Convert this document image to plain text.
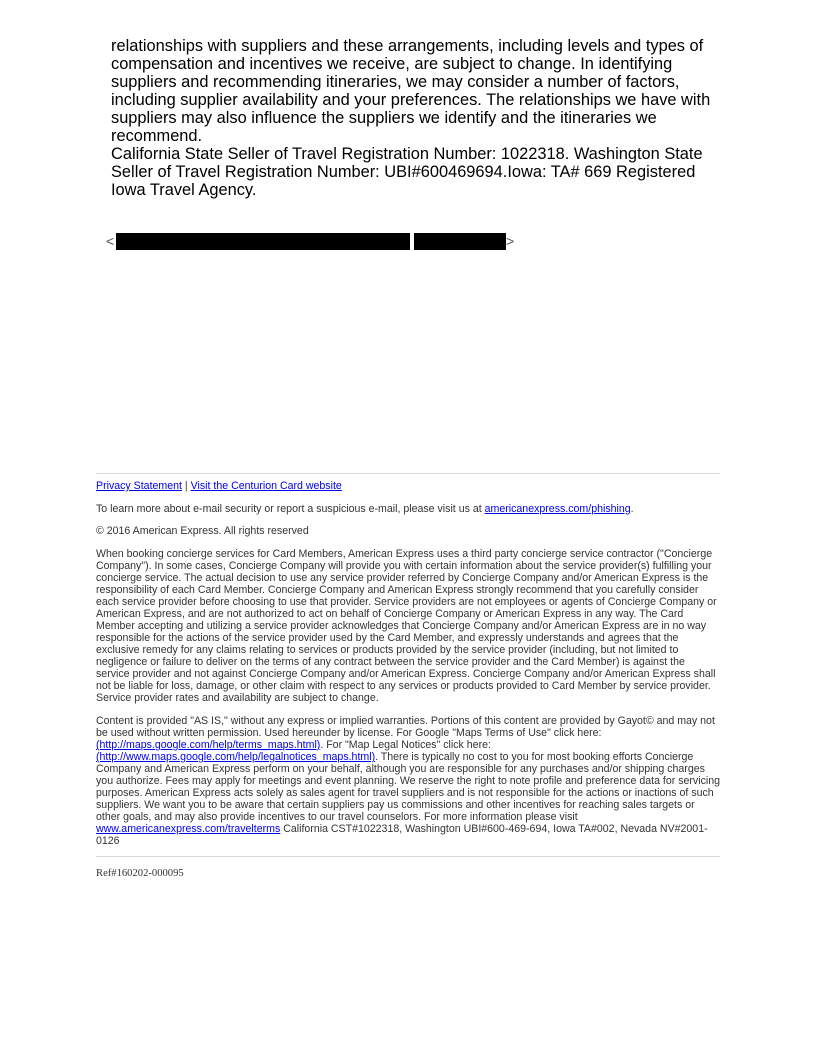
relationships with suppliers and these arrangements, including levels and types of compensation and incentives we receive, are subject to change. In identifying suppliers and recommending itineraries, we may consider a number of factors, including supplier availability and your preferences. The relationships we have with suppliers may also influence the suppliers we identify and the itineraries we recommend.

California State Seller of Travel Registration Number: 1022318. Washington State Seller of Travel Registration Number: UBI#600469694.Iowa: TA# 669 Registered Iowa Travel Agency.

<	>

Privacy Statement | Visit the Centurion Card website

To learn more about e-mail security or report a suspicious e-mail, please visit us at americanexpress.com/phishing.

© 2016 American Express. All rights reserved

When booking concierge services for Card Members, American Express uses a third party concierge service contractor ("Concierge Company"). In some cases, Concierge Company will provide you with certain information about the service provider(s) fulfilling your concierge service. The actual decision to use any service provider referred by Concierge Company and/or American Express is the responsibility of each Card Member. Concierge Company and American Express strongly recommend that you carefully consider each service provider before choosing to use that provider. Service providers are not employees or agents of Concierge Company or American Express, and are not authorized to act on behalf of Concierge Company or American Express in any way. The Card Member accepting and utilizing a service provider acknowledges that Concierge Company and/or American Express are in no way responsible for the actions of the service provider used by the Card Member, and expressly understands and agrees that the exclusive remedy for any claims relating to services or products provided by the service provider (including, but not limited to negligence or failure to deliver on the terms of any contract between the service provider and the Card Member) is against the service provider and not against Concierge Company and/or American Express. Concierge Company and/or American Express shall not be liable for loss, damage, or other claim with respect to any services or products provided to Card Member by service provider. Service provider rates and availability are subject to change.

Content is provided "AS IS," without any express or implied warranties. Portions of this content are provided by Gayot© and may not be used without written permission. Used hereunder by license. For Google "Maps Terms of Use" click here: (http://maps.google.com/help/terms_maps.html). For "Map Legal Notices" click here: (http://www.maps.google.com/help/legalnotices_maps.html). There is typically no cost to you for most booking efforts Concierge Company and American Express perform on your behalf, although you are responsible for any purchases and/or shipping charges you authorize. Fees may apply for meetings and event planning. We reserve the right to note profile and preference data for servicing purposes. American Express acts solely as sales agent for travel suppliers and is not responsible for the actions or inactions of such suppliers. We want you to be aware that certain suppliers pay us commissions and other incentives for reaching sales targets or other goals, and may also provide incentives to our travel counselors. For more information please visit www.americanexpress.com/travelterms California CST#1022318, Washington UBI#600-469-694, Iowa TA#002, Nevada NV#2001-0126

Ref#160202-000095
